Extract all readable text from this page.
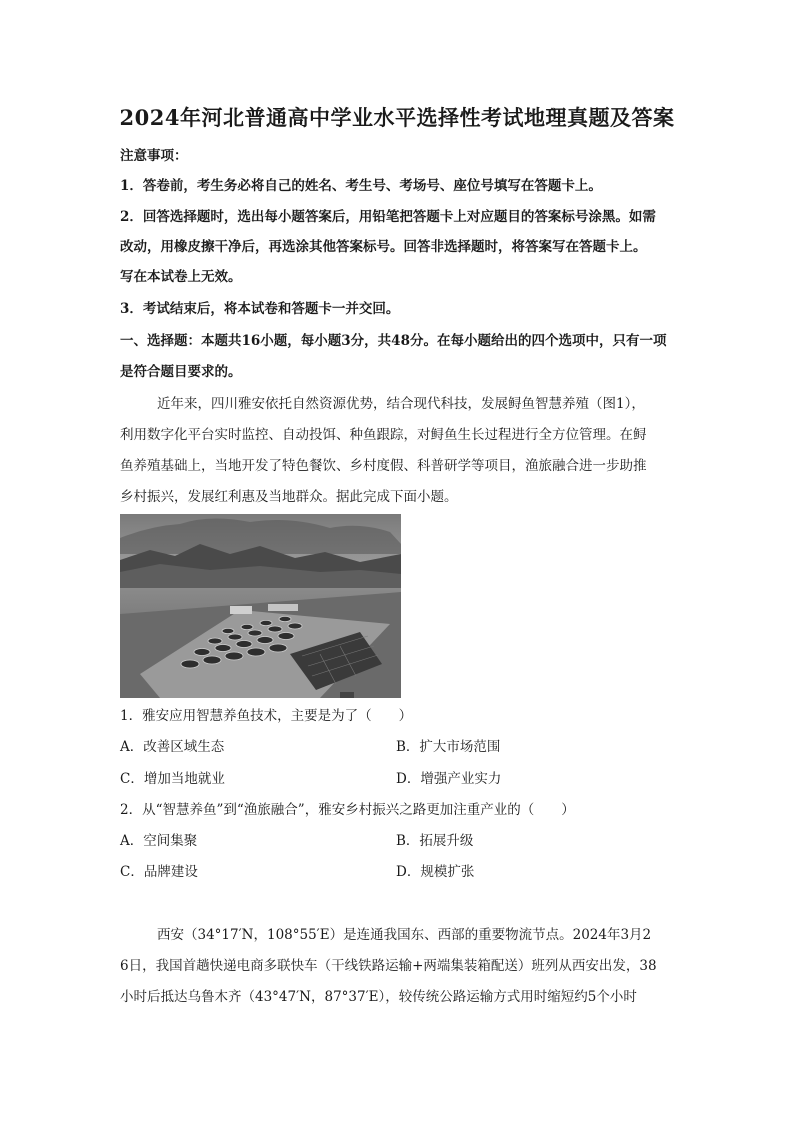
2024年河北普通高中学业水平选择性考试地理真题及答案
注意事项：
1．答卷前，考生务必将自己的姓名、考生号、考场号、座位号填写在答题卡上。
2．回答选择题时，选出每小题答案后，用铅笔把答题卡上对应题目的答案标号涂黑。如需
改动，用橡皮擦干净后，再选涂其他答案标号。回答非选择题时，将答案写在答题卡上。
写在本试卷上无效。
3．考试结束后，将本试卷和答题卡一并交回。
一、选择题：本题共16小题，每小题3分，共48分。在每小题给出的四个选项中，只有一项
是符合题目要求的。
近年来，四川雅安依托自然资源优势，结合现代科技，发展鲟鱼智慧养殖（图1），
利用数字化平台实时监控、自动投饵、种鱼跟踪，对鲟鱼生长过程进行全方位管理。在鲟
鱼养殖基础上，当地开发了特色餐饮、乡村度假、科普研学等项目，渔旅融合进一步助推
乡村振兴，发展红利惠及当地群众。据此完成下面小题。
1．雅安应用智慧养鱼技术，主要是为了（　　）
A．改善区域生态	B．扩大市场范围
C．增加当地就业	D．增强产业实力
2．从“智慧养鱼”到“渔旅融合”，雅安乡村振兴之路更加注重产业的（　　）
A．空间集聚	B．拓展升级
C．品牌建设	D．规模扩张
西安（34°17′N，108°55′E）是连通我国东、西部的重要物流节点。2024年3月2
6日，我国首趟快递电商多联快车（干线铁路运输+两端集装箱配送）班列从西安出发，38
小时后抵达乌鲁木齐（43°47′N，87°37′E），较传统公路运输方式用时缩短约5个小时
